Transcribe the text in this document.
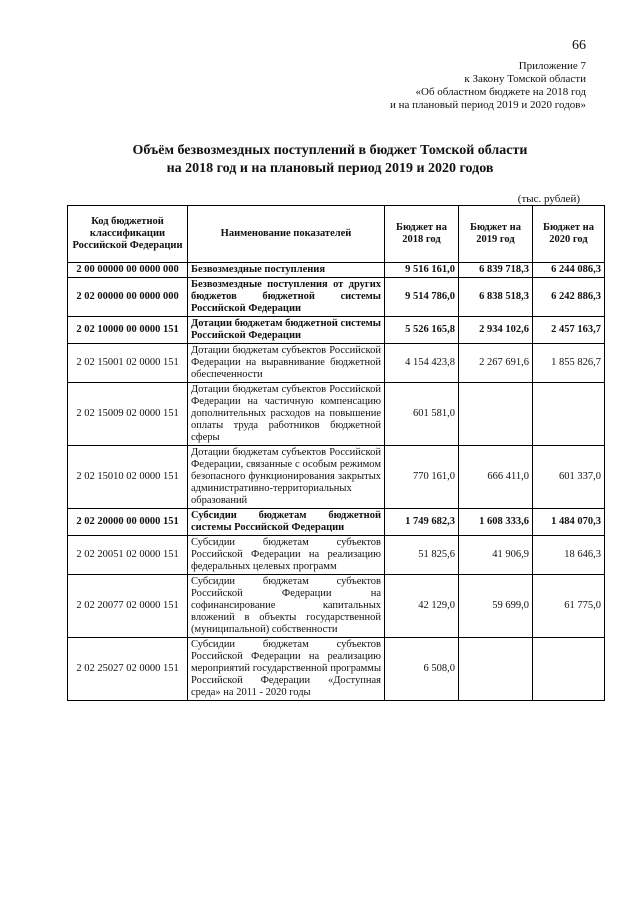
66
Приложение 7
к Закону Томской области
«Об областном бюджете на 2018 год
и на плановый период 2019 и 2020 годов»
Объём безвозмездных поступлений в бюджет Томской области
на 2018 год и на плановый период 2019 и 2020 годов
(тыс. рублей)
Код бюджетной классификации Российской Федерации	Наименование показателей	Бюджет на 2018 год	Бюджет на 2019 год	Бюджет на 2020 год
2 00 00000 00 0000 000	Безвозмездные поступления	9 516 161,0	6 839 718,3	6 244 086,3
2 02 00000 00 0000 000	Безвозмездные поступления от других бюджетов бюджетной системы Российской Федерации	9 514 786,0	6 838 518,3	6 242 886,3
2 02 10000 00 0000 151	Дотации бюджетам бюджетной системы Российской Федерации	5 526 165,8	2 934 102,6	2 457 163,7
2 02 15001 02 0000 151	Дотации бюджетам субъектов Российской Федерации на выравнивание бюджетной обеспеченности	4 154 423,8	2 267 691,6	1 855 826,7
2 02 15009 02 0000 151	Дотации бюджетам субъектов Российской Федерации на частичную компенсацию дополнительных расходов на повышение оплаты труда работников бюджетной сферы	601 581,0		
2 02 15010 02 0000 151	Дотации бюджетам субъектов Российской Федерации, связанные с особым режимом безопасного функционирования закрытых административно-территориальных образований	770 161,0	666 411,0	601 337,0
2 02 20000 00 0000 151	Субсидии бюджетам бюджетной системы Российской Федерации	1 749 682,3	1 608 333,6	1 484 070,3
2 02 20051 02 0000 151	Субсидии бюджетам субъектов Российской Федерации на реализацию федеральных целевых программ	51 825,6	41 906,9	18 646,3
2 02 20077 02 0000 151	Субсидии бюджетам субъектов Российской Федерации на софинансирование капитальных вложений в объекты государственной (муниципальной) собственности	42 129,0	59 699,0	61 775,0
2 02 25027 02 0000 151	Субсидии бюджетам субъектов Российской Федерации на реализацию мероприятий государственной программы Российской Федерации «Доступная среда» на 2011 - 2020 годы	6 508,0		
